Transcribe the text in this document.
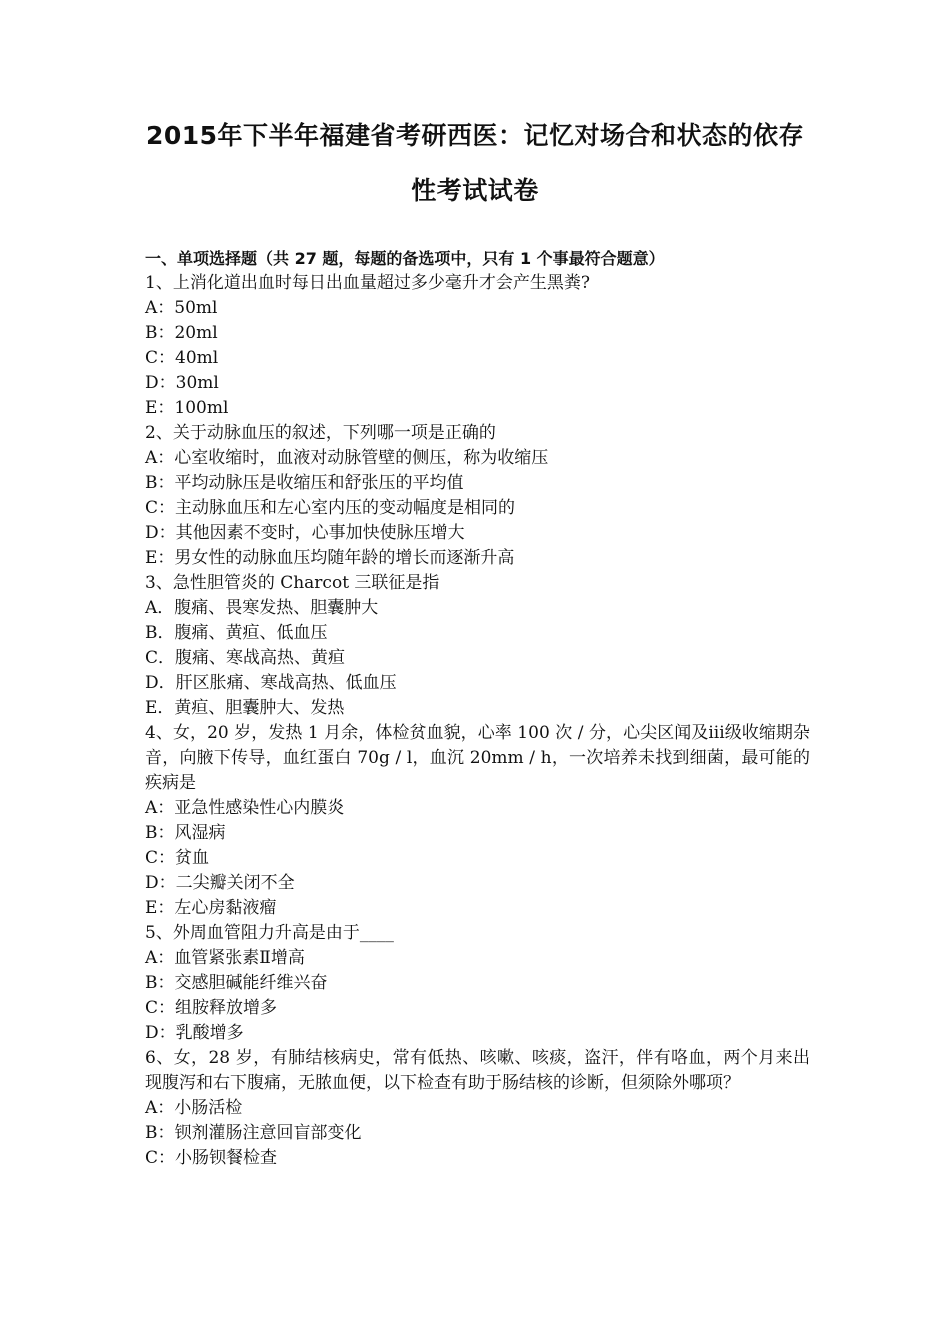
2015年下半年福建省考研西医：记忆对场合和状态的依存
性考试试卷
一、单项选择题（共 27 题，每题的备选项中，只有 1 个事最符合题意）
1、上消化道出血时每日出血量超过多少毫升才会产生黑粪?
A：50ml
B：20ml
C：40ml
D：30ml
E：100ml
2、关于动脉血压的叙述，下列哪一项是正确的
A：心室收缩时，血液对动脉管壁的侧压，称为收缩压
B：平均动脉压是收缩压和舒张压的平均值
C：主动脉血压和左心室内压的变动幅度是相同的
D：其他因素不变时，心事加快使脉压增大
E：男女性的动脉血压均随年龄的增长而逐渐升高
3、急性胆管炎的 Charcot 三联征是指
A．腹痛、畏寒发热、胆囊肿大
B．腹痛、黄疸、低血压
C．腹痛、寒战高热、黄疸
D．肝区胀痛、寒战高热、低血压
E．黄疸、胆囊肿大、发热
4、女，20 岁，发热 1 月余，体检贫血貌，心率 100 次 / 分，心尖区闻及iii级收缩期杂音，向腋下传导，血红蛋白 70g / l，血沉 20mm / h，一次培养未找到细菌，最可能的疾病是
A：亚急性感染性心内膜炎
B：风湿病
C：贫血
D：二尖瓣关闭不全
E：左心房黏液瘤
5、外周血管阻力升高是由于____
A：血管紧张素Ⅱ增高
B：交感胆碱能纤维兴奋
C：组胺释放增多
D：乳酸增多
6、女，28 岁，有肺结核病史，常有低热、咳嗽、咳痰，盗汗，伴有咯血，两个月来出现腹泻和右下腹痛，无脓血便，以下检查有助于肠结核的诊断，但须除外哪项？
A：小肠活检
B：钡剂灌肠注意回盲部变化
C：小肠钡餐检查
